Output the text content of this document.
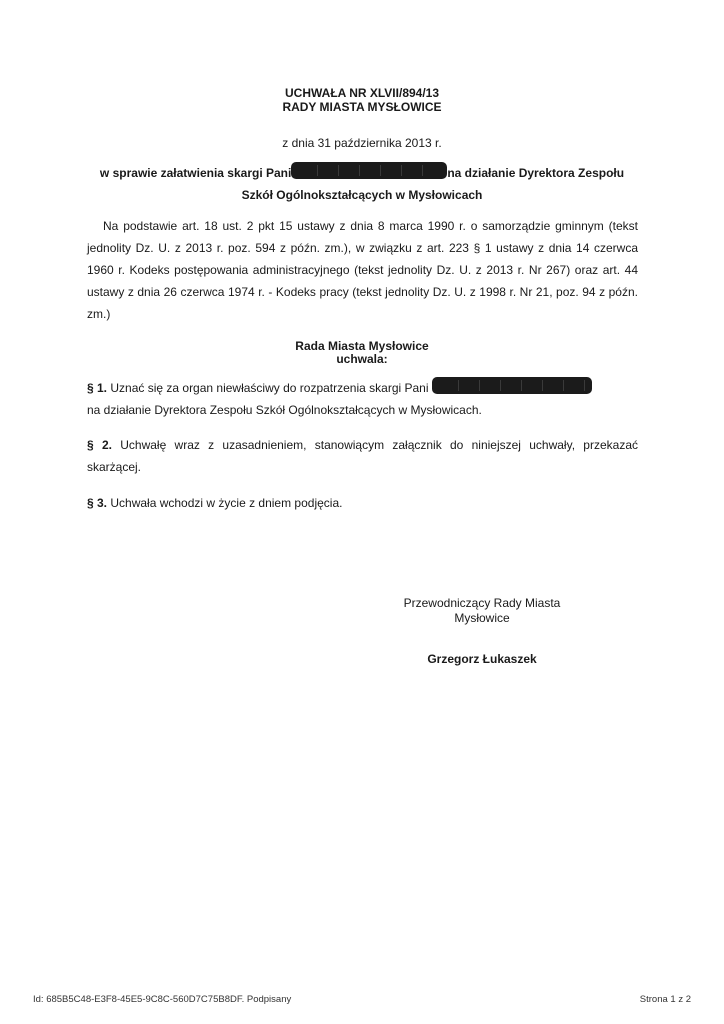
UCHWAŁA NR XLVII/894/13
RADY MIASTA MYSŁOWICE
z dnia 31 października 2013 r.
w sprawie załatwienia skargi Pani	na działanie Dyrektora Zespołu
Szkół Ogólnokształcących w Mysłowicach
Na podstawie art. 18 ust. 2 pkt 15 ustawy z dnia 8 marca 1990 r. o samorządzie gminnym (tekst jednolity Dz. U. z 2013 r. poz. 594 z późn. zm.), w związku z art. 223 § 1 ustawy z dnia 14 czerwca 1960 r. Kodeks postępowania administracyjnego (tekst jednolity Dz. U. z 2013 r. Nr 267) oraz art. 44 ustawy z dnia 26 czerwca 1974 r. - Kodeks pracy (tekst jednolity Dz. U. z 1998 r. Nr 21, poz. 94 z późn. zm.)
Rada Miasta Mysłowice
uchwala:
§ 1. Uznać się za organ niewłaściwy do rozpatrzenia skargi Pani
na działanie Dyrektora Zespołu Szkół Ogólnokształcących w Mysłowicach.
§ 2. Uchwałę wraz z uzasadnieniem, stanowiącym załącznik do niniejszej uchwały, przekazać skarżącej.
§ 3. Uchwała wchodzi w życie z dniem podjęcia.
Przewodniczący Rady Miasta
Mysłowice
Grzegorz Łukaszek
Id: 685B5C48-E3F8-45E5-9C8C-560D7C75B8DF. Podpisany	Strona 1 z 2
